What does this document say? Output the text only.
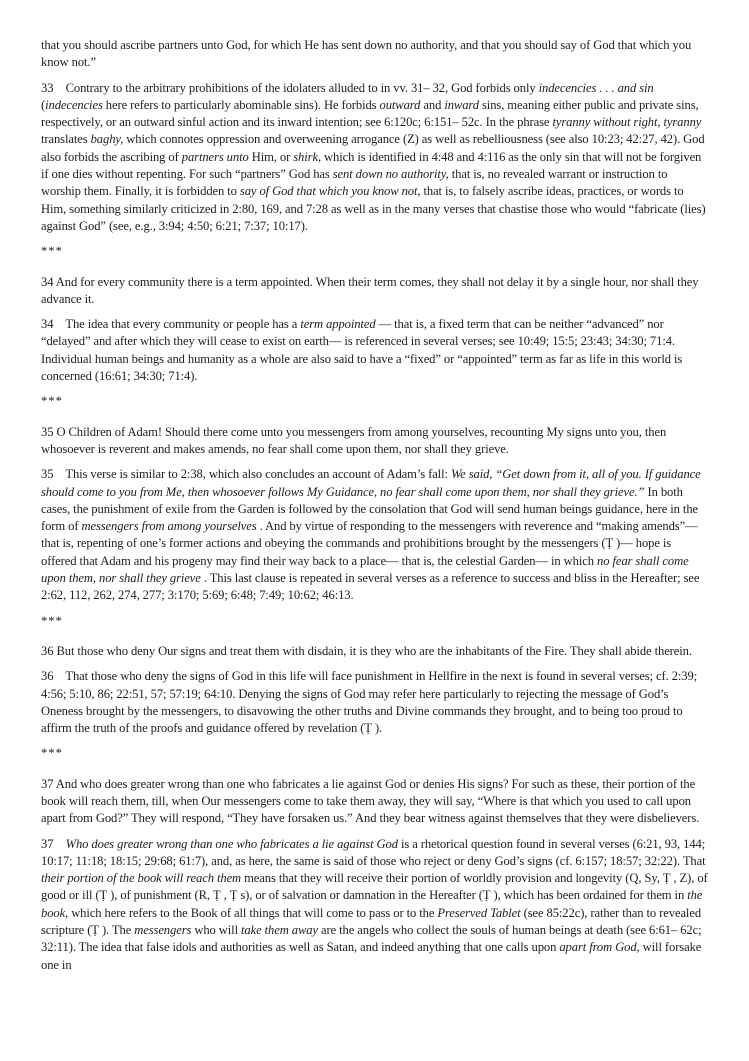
that you should ascribe partners unto God, for which He has sent down no authority, and that you should say of God that which you know not.”

33    Contrary to the arbitrary prohibitions of the idolaters alluded to in vv. 31– 32, God forbids only indecencies . . . and sin (indecencies here refers to particularly abominable sins). He forbids outward and inward sins, meaning either public and private sins, respectively, or an outward sinful action and its inward intention; see 6:120c; 6:151– 52c. In the phrase tyranny without right, tyranny translates baghy, which connotes oppression and overweening arrogance (Z) as well as rebelliousness (see also 10:23; 42:27, 42). God also forbids the ascribing of partners unto Him, or shirk, which is identified in 4:48 and 4:116 as the only sin that will not be forgiven if one dies without repenting. For such “partners” God has sent down no authority, that is, no revealed warrant or instruction to worship them. Finally, it is forbidden to say of God that which you know not, that is, to falsely ascribe ideas, practices, or words to Him, something similarly criticized in 2:80, 169, and 7:28 as well as in the many verses that chastise those who would “fabricate (lies) against God” (see, e.g., 3:94; 4:50; 6:21; 7:37; 10:17).

***

34 And for every community there is a term appointed. When their term comes, they shall not delay it by a single hour, nor shall they advance it.

34    The idea that every community or people has a term appointed — that is, a fixed term that can be neither “advanced” nor “delayed” and after which they will cease to exist on earth— is referenced in several verses; see 10:49; 15:5; 23:43; 34:30; 71:4. Individual human beings and humanity as a whole are also said to have a “fixed” or “appointed” term as far as life in this world is concerned (16:61; 34:30; 71:4).

***

35 O Children of Adam! Should there come unto you messengers from among yourselves, recounting My signs unto you, then whosoever is reverent and makes amends, no fear shall come upon them, nor shall they grieve.

35    This verse is similar to 2:38, which also concludes an account of Adam’s fall: We said, “Get down from it, all of you. If guidance should come to you from Me, then whosoever follows My Guidance, no fear shall come upon them, nor shall they grieve.” In both cases, the punishment of exile from the Garden is followed by the consolation that God will send human beings guidance, here in the form of messengers from among yourselves . And by virtue of responding to the messengers with reverence and “making amends”— that is, repenting of one’s former actions and obeying the commands and prohibitions brought by the messengers (Ṭ )— hope is offered that Adam and his progeny may find their way back to a place— that is, the celestial Garden— in which no fear shall come upon them, nor shall they grieve . This last clause is repeated in several verses as a reference to success and bliss in the Hereafter; see 2:62, 112, 262, 274, 277; 3:170; 5:69; 6:48; 7:49; 10:62; 46:13.

***

36 But those who deny Our signs and treat them with disdain, it is they who are the inhabitants of the Fire. They shall abide therein.

36    That those who deny the signs of God in this life will face punishment in Hellfire in the next is found in several verses; cf. 2:39; 4:56; 5:10, 86; 22:51, 57; 57:19; 64:10. Denying the signs of God may refer here particularly to rejecting the message of God’s Oneness brought by the messengers, to disavowing the other truths and Divine commands they brought, and to being too proud to affirm the truth of the proofs and guidance offered by revelation (Ṭ ).

***

37 And who does greater wrong than one who fabricates a lie against God or denies His signs? For such as these, their portion of the book will reach them, till, when Our messengers come to take them away, they will say, “Where is that which you used to call upon apart from God?” They will respond, “They have forsaken us.” And they bear witness against themselves that they were disbelievers.

37    Who does greater wrong than one who fabricates a lie against God is a rhetorical question found in several verses (6:21, 93, 144; 10:17; 11:18; 18:15; 29:68; 61:7), and, as here, the same is said of those who reject or deny God’s signs (cf. 6:157; 18:57; 32:22). That their portion of the book will reach them means that they will receive their portion of worldly provision and longevity (Q, Sy, Ṭ , Z), of good or ill (Ṭ ), of punishment (R, Ṭ , Ṭ s), or of salvation or damnation in the Hereafter (Ṭ ), which has been ordained for them in the book, which here refers to the Book of all things that will come to pass or to the Preserved Tablet (see 85:22c), rather than to revealed scripture (Ṭ ). The messengers who will take them away are the angels who collect the souls of human beings at death (see 6:61– 62c; 32:11). The idea that false idols and authorities as well as Satan, and indeed anything that one calls upon apart from God, will forsake one in
